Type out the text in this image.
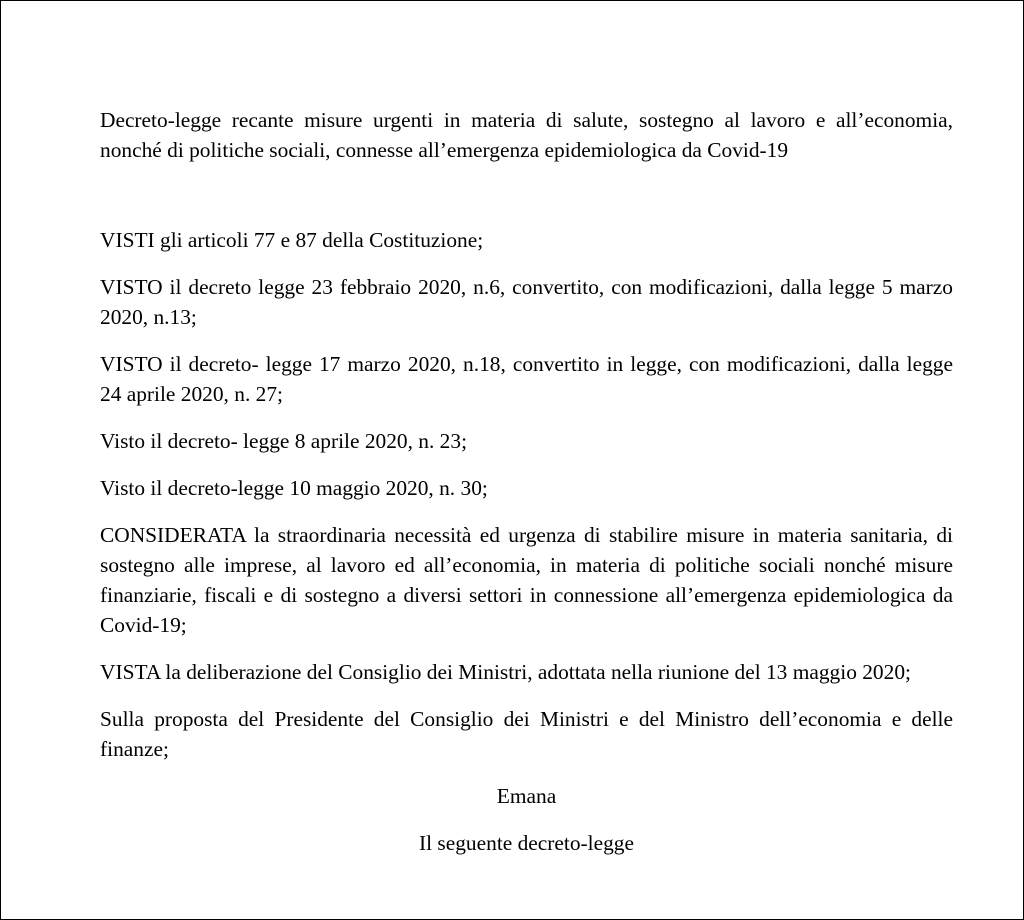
Decreto-legge recante misure urgenti in materia di salute, sostegno al lavoro e all’economia, nonché di politiche sociali, connesse all’emergenza epidemiologica da Covid-19

VISTI gli articoli 77 e 87 della Costituzione;

VISTO il decreto legge 23 febbraio 2020, n.6, convertito, con modificazioni, dalla legge 5 marzo 2020, n.13;

VISTO il decreto- legge 17 marzo 2020, n.18, convertito in legge, con modificazioni, dalla legge 24 aprile 2020, n. 27;

Visto il decreto- legge 8 aprile 2020, n. 23;

Visto il decreto-legge 10 maggio 2020, n. 30;

CONSIDERATA la straordinaria necessità ed urgenza di stabilire misure in materia sanitaria, di sostegno alle imprese, al lavoro ed all’economia, in materia di politiche sociali nonché misure finanziarie, fiscali e di sostegno a diversi settori in connessione all’emergenza epidemiologica da Covid-19;

VISTA la deliberazione del Consiglio dei Ministri, adottata nella riunione del 13 maggio 2020;

Sulla proposta del Presidente del Consiglio dei Ministri e del Ministro dell’economia e delle finanze;

Emana

Il seguente decreto-legge
